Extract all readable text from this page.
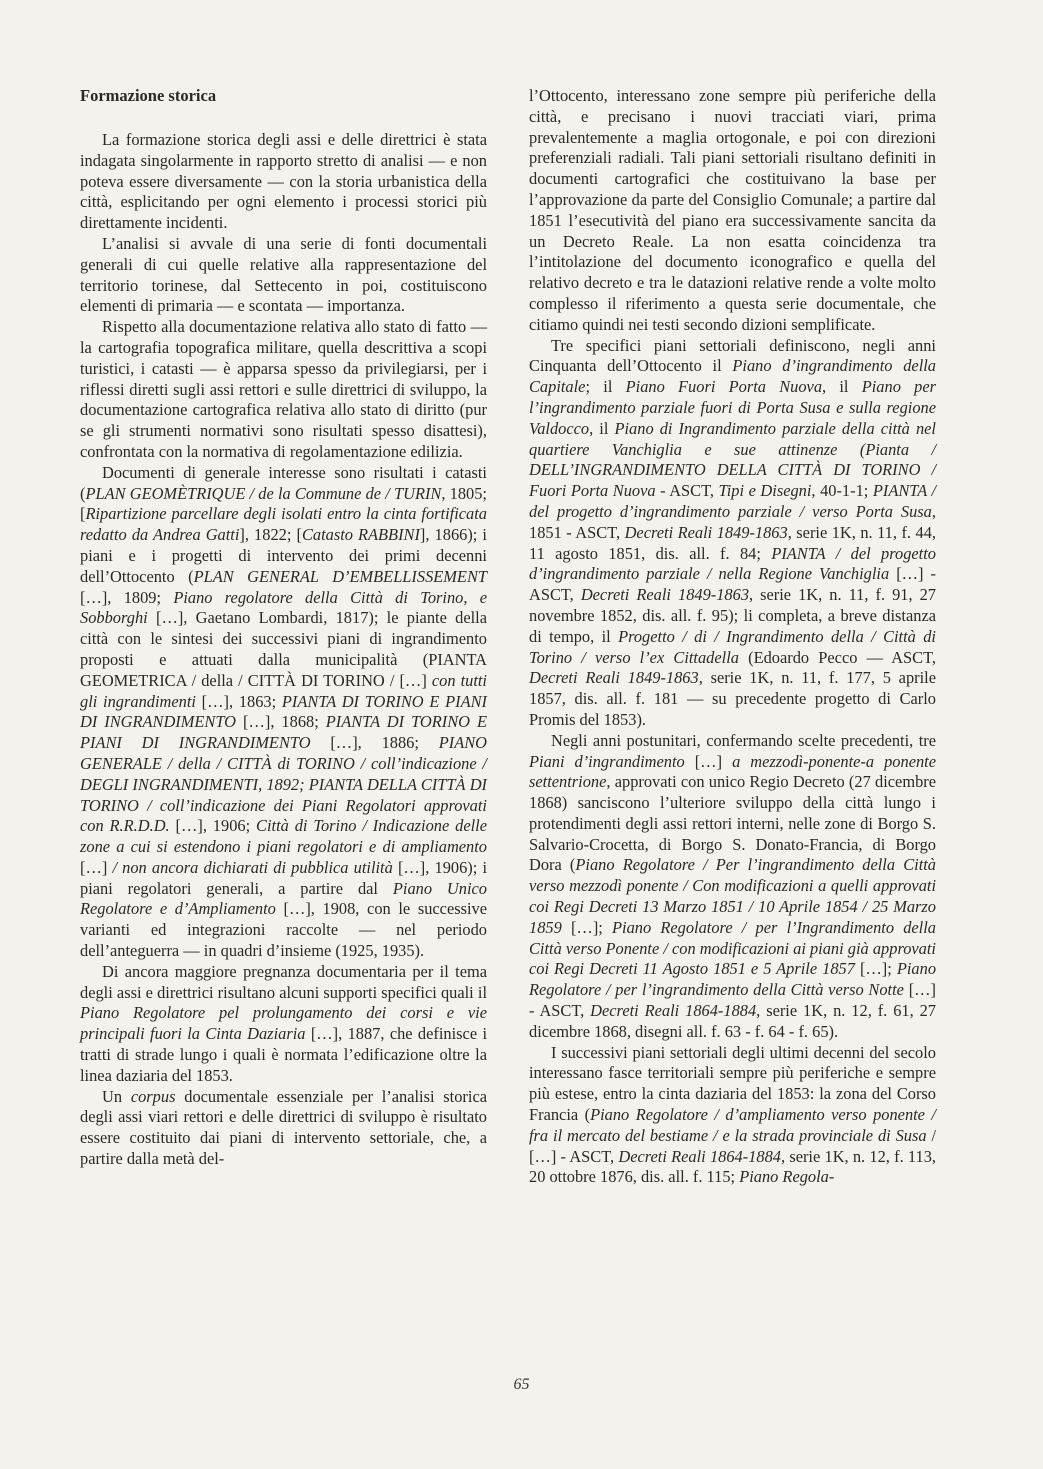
Formazione storica

La formazione storica degli assi e delle direttrici è stata indagata singolarmente in rapporto stretto di analisi — e non poteva essere diversamente — con la storia urbanistica della città, esplicitando per ogni elemento i processi storici più direttamente incidenti.

L’analisi si avvale di una serie di fonti documentali generali di cui quelle relative alla rappresentazione del territorio torinese, dal Settecento in poi, costituiscono elementi di primaria — e scontata — importanza.

Rispetto alla documentazione relativa allo stato di fatto — la cartografia topografica militare, quella descrittiva a scopi turistici, i catasti — è apparsa spesso da privilegiarsi, per i riflessi diretti sugli assi rettori e sulle direttrici di sviluppo, la documentazione cartografica relativa allo stato di diritto (pur se gli strumenti normativi sono risultati spesso disattesi), confrontata con la normativa di regolamentazione edilizia.

Documenti di generale interesse sono risultati i catasti (PLAN GEOMÈTRIQUE / de la Commune de / TURIN, 1805; [Ripartizione parcellare degli isolati entro la cinta fortificata redatto da Andrea Gatti], 1822; [Catasto RABBINI], 1866); i piani e i progetti di intervento dei primi decenni dell’Ottocento (PLAN GENERAL D’EMBELLISSEMENT […], 1809; Piano regolatore della Città di Torino, e Sobborghi […], Gaetano Lombardi, 1817); le piante della città con le sintesi dei successivi piani di ingrandimento proposti e attuati dalla municipalità (PIANTA GEOMETRICA / della / CITTÀ DI TORINO / […] con tutti gli ingrandimenti […], 1863; PIANTA DI TORINO E PIANI DI INGRANDIMENTO […], 1868; PIANTA DI TORINO E PIANI DI INGRANDIMENTO […], 1886; PIANO GENERALE / della / CITTÀ di TORINO / coll’indicazione / DEGLI INGRANDIMENTI, 1892; PIANTA DELLA CITTÀ DI TORINO / coll’indicazione dei Piani Regolatori approvati con R.R.D.D. […], 1906; Città di Torino / Indicazione delle zone a cui si estendono i piani regolatori e di ampliamento […] / non ancora dichiarati di pubblica utilità […], 1906); i piani regolatori generali, a partire dal Piano Unico Regolatore e d’Ampliamento […], 1908, con le successive varianti ed integrazioni raccolte — nel periodo dell’anteguerra — in quadri d’insieme (1925, 1935).

Di ancora maggiore pregnanza documentaria per il tema degli assi e direttrici risultano alcuni supporti specifici quali il Piano Regolatore pel prolungamento dei corsi e vie principali fuori la Cinta Daziaria […], 1887, che definisce i tratti di strade lungo i quali è normata l’edificazione oltre la linea daziaria del 1853.

Un corpus documentale essenziale per l’analisi storica degli assi viari rettori e delle direttrici di sviluppo è risultato essere costituito dai piani di intervento settoriale, che, a partire dalla metà del-

l’Ottocento, interessano zone sempre più periferiche della città, e precisano i nuovi tracciati viari, prima prevalentemente a maglia ortogonale, e poi con direzioni preferenziali radiali. Tali piani settoriali risultano definiti in documenti cartografici che costituivano la base per l’approvazione da parte del Consiglio Comunale; a partire dal 1851 l’esecutività del piano era successivamente sancita da un Decreto Reale. La non esatta coincidenza tra l’intitolazione del documento iconografico e quella del relativo decreto e tra le datazioni relative rende a volte molto complesso il riferimento a questa serie documentale, che citiamo quindi nei testi secondo dizioni semplificate.

Tre specifici piani settoriali definiscono, negli anni Cinquanta dell’Ottocento il Piano d’ingrandimento della Capitale; il Piano Fuori Porta Nuova, il Piano per l’ingrandimento parziale fuori di Porta Susa e sulla regione Valdocco, il Piano di Ingrandimento parziale della città nel quartiere Vanchiglia e sue attinenze (Pianta / DELL’INGRANDIMENTO DELLA CITTÀ DI TORINO / Fuori Porta Nuova - ASCT, Tipi e Disegni, 40-1-1; PIANTA / del progetto d’ingrandimento parziale / verso Porta Susa, 1851 - ASCT, Decreti Reali 1849-1863, serie 1K, n. 11, f. 44, 11 agosto 1851, dis. all. f. 84; PIANTA / del progetto d’ingrandimento parziale / nella Regione Vanchiglia […] - ASCT, Decreti Reali 1849-1863, serie 1K, n. 11, f. 91, 27 novembre 1852, dis. all. f. 95); li completa, a breve distanza di tempo, il Progetto / di / Ingrandimento della / Città di Torino / verso l’ex Cittadella (Edoardo Pecco — ASCT, Decreti Reali 1849-1863, serie 1K, n. 11, f. 177, 5 aprile 1857, dis. all. f. 181 — su precedente progetto di Carlo Promis del 1853).

Negli anni postunitari, confermando scelte precedenti, tre Piani d’ingrandimento […] a mezzodì-ponente-a ponente settentrione, approvati con unico Regio Decreto (27 dicembre 1868) sanciscono l’ulteriore sviluppo della città lungo i protendimenti degli assi rettori interni, nelle zone di Borgo S. Salvario-Crocetta, di Borgo S. Donato-Francia, di Borgo Dora (Piano Regolatore / Per l’ingrandimento della Città verso mezzodì ponente / Con modificazioni a quelli approvati coi Regi Decreti 13 Marzo 1851 / 10 Aprile 1854 / 25 Marzo 1859 […]; Piano Regolatore / per l’Ingrandimento della Città verso Ponente / con modificazioni ai piani già approvati coi Regi Decreti 11 Agosto 1851 e 5 Aprile 1857 […]; Piano Regolatore / per l’ingrandimento della Città verso Notte […] - ASCT, Decreti Reali 1864-1884, serie 1K, n. 12, f. 61, 27 dicembre 1868, disegni all. f. 63 - f. 64 - f. 65).

I successivi piani settoriali degli ultimi decenni del secolo interessano fasce territoriali sempre più periferiche e sempre più estese, entro la cinta daziaria del 1853: la zona del Corso Francia (Piano Regolatore / d’ampliamento verso ponente / fra il mercato del bestiame / e la strada provinciale di Susa / […] - ASCT, Decreti Reali 1864-1884, serie 1K, n. 12, f. 113, 20 ottobre 1876, dis. all. f. 115; Piano Regola-

65
